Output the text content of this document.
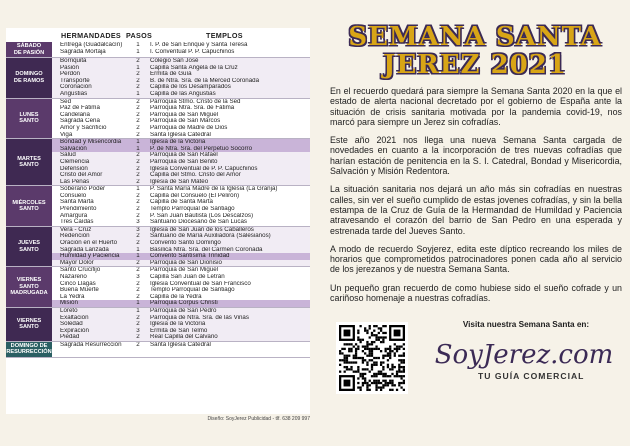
HERMANDADES PASOS	TEMPLOS
SÁBADO
DE PASIÓN
Entrega (Guadalcacín)	1	I. P. de San Enrique y Santa Teresa
Sagrada Mortaja	1	I. Conventual P. P. Capuchinos
DOMINGO
DE RAMOS
Borriquita	2	Colegio San José
Pasión	1	Capilla Santa Ángela de la Cruz
Perdón	2	Ermita de Guía
Transporte	2	B. de Ntra. Sra. de la Merced Coronada
Coronación	2	Capilla de los Desamparados
Angustias	1	Capilla de las Angustias
LUNES
SANTO
Sed	2	Parroquia Stmo. Cristo de la Sed
Paz de Fátima	2	Parroquia Ntra. Sra. de Fátima
Candelaria	2	Parroquia de San Miguel
Sagrada Cena	2	Parroquia de San Marcos
Amor y Sacrificio	2	Parroquia de Madre de Dios
Viga	2	Santa Iglesia Catedral
MARTES
SANTO
Bondad y Misericordia	1	Iglesia de la Victoria
Salvación	1	P. de Ntra. Sra. del Perpetuo Socorro
Salud	2	Parroquia de San Rafael
Clemencia	2	Parroquia de San Benito
Defensión	2	Iglesia Conventual de P. P. Capuchinos
Cristo del Amor	2	Capilla del Stmo. Cristo del Amor
Las Penas	2	Iglesia de San Mateo
MIÉRCOLES
SANTO
Soberano Poder	1	P. Santa María Madre de la Iglesia (La Granja)
Consuelo	2	Capilla del Consuelo (El Pelirón)
Santa Marta	2	Capilla de Santa Marta
Prendimiento	2	Templo Parroquial de Santiago
Amargura	2	P. San Juan Bautista (Los Descalzos)
Tres Caídas	3	Santuario Diocesano de San Lucas
JUEVES
SANTO
Vera - Cruz	3	Iglesia de San Juan de los Caballeros
Redención	2	Santuario de María Auxiliadora (Salesianos)
Oración en el Huerto	2	Convento Santo Domingo
Sagrada Lanzada	1	Basílica Ntra. Sra. del Carmen Coronada
Humildad y Paciencia	1	Convento Santísima Trinidad
Mayor Dolor	2	Parroquia de San Dionisio
VIERNES
SANTO
MADRUGADA
Santo Crucifijo	2	Parroquia de San Miguel
Nazareno	3	Capilla San Juan de Letrán
Cinco Llagas	2	Iglesia Conventual de San Francisco
Buena Muerte	2	Templo Parroquial de Santiago
La Yedra	2	Capilla de la Yedra
Misión	1	Parroquia Corpus Christi
VIERNES
SANTO
Loreto	1	Parroquia de San Pedro
Exaltación	2	Parroquia de Ntra. Sra. de las Viñas
Soledad	2	Iglesia de la Victoria
Expiración	3	Ermita de San Telmo
Piedad	2	Real Capilla del Calvario
DOMINGO DE
RESURRECCIÓN
Sagrada Resurrección	2	Santa Iglesia Catedral
Diseño: SoyJerez Publicidad - tlf. 638 209 997
SEMANA SANTA
JEREZ 2021

En el recuerdo quedará para siempre la Semana Santa 2020 en la que el estado de alerta nacional decretado por el gobierno de España ante la situación de crisis sanitaria motivada por la pandemia covid-19, nos marcó para siempre un Jerez sin cofradías.

Este año 2021 nos llega una nueva Semana Santa cargada de novedades en cuanto a la incorporación de tres nuevas cofradías que harían estación de penitencia en la S. I. Catedral, Bondad y Misericordia, Salvación y Misión Redentora.

La situación sanitaria nos dejará un año más sin cofradías en nuestras calles, sin ver el sueño cumplido de estas jovenes cofradías, y sin la bella estampa de la Cruz de Guía de la Hermandad de Humildad y Paciencia atravesando el corazón del barrio de San Pedro en una esperada y estrenada tarde del Jueves Santo.

A modo de recuerdo Soyjerez, edita este díptico recreando los miles de horarios que comprometidos patrocinadores ponen cada año al servicio de los jerezanos y de nuestra Semana Santa.

Un pequeño gran recuerdo de como hubiese sido el sueño cofrade y un cariñoso homenaje a nuestras cofradías.

Visita nuestra Semana Santa en:
SoyJerez.com
TU GUÍA COMERCIAL
